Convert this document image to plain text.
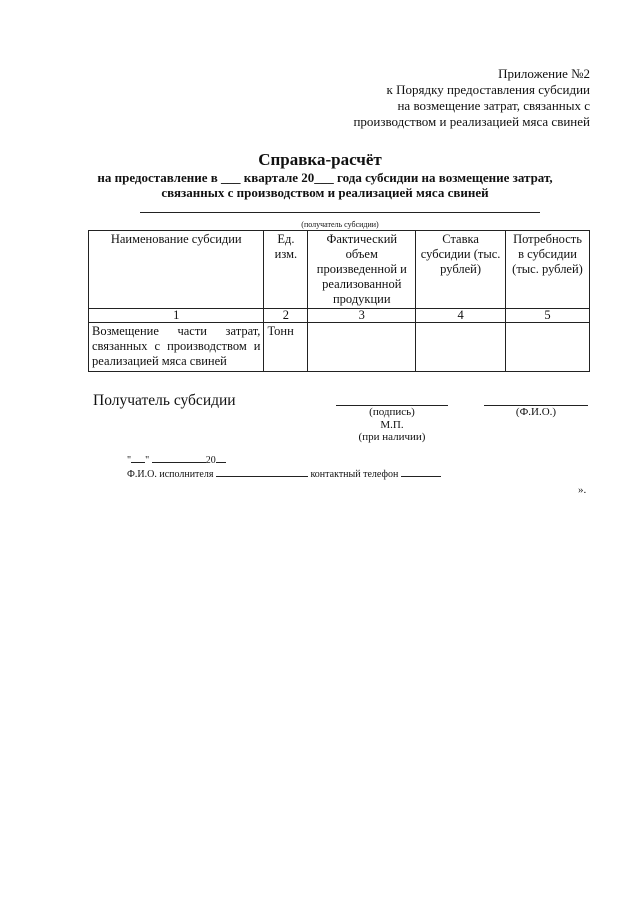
Приложение №2
к Порядку предоставления субсидии
на возмещение затрат, связанных с
производством и реализацией мяса свиней
Справка-расчёт
на предоставление в ___ квартале 20___ года субсидии на возмещение затрат,
связанных с производством и реализацией мяса свиней
(получатель субсидии)
Наименование субсидии	Ед. изм.	Фактический объем произведенной и реализованной продукции	Ставка субсидии (тыс. рублей)	Потребность в субсидии (тыс. рублей)
1	2	3	4	5
Возмещение части затрат, связанных с производством и реализацией мяса свиней	Тонн			
Получатель субсидии
(подпись)	(Ф.И.О.)
М.П.
(при наличии)
" "	20
Ф.И.О. исполнителя	контактный телефон
».
